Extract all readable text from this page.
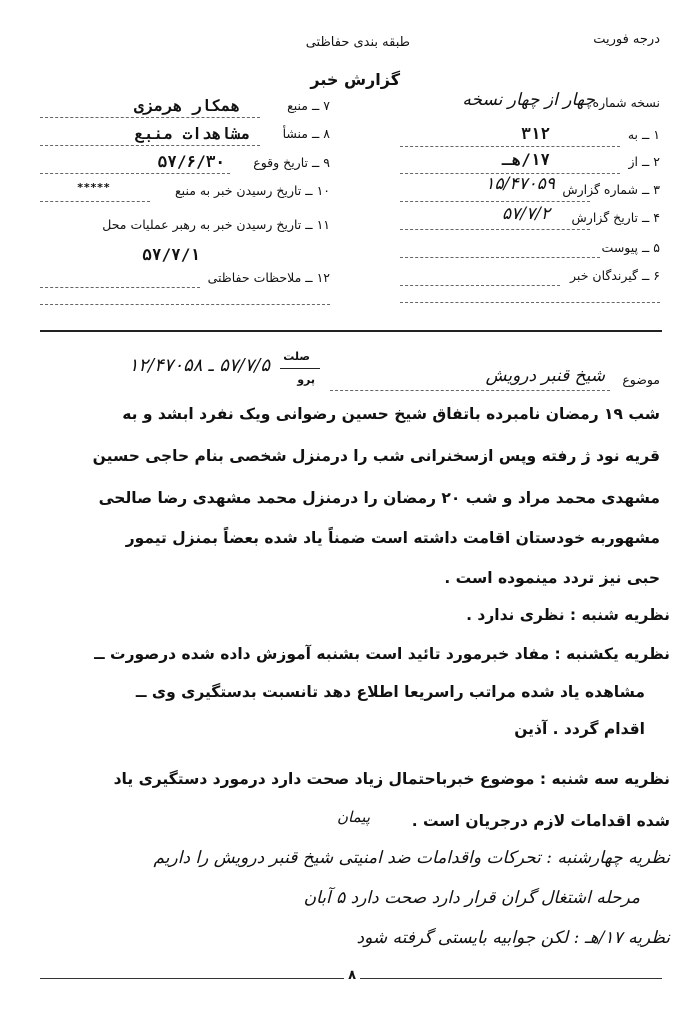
درجه فوریت
طبقه بندی حفاظتی
گزارش خبر
نسخه شماره
چهار از چهار نسخه
۱ ــ به
۳۱۲
۲ ــ از
۱۷/هـ
۳ ــ شماره گزارش
۱۵/۴۷۰۵۹
۴ ــ تاریخ گزارش
۵۷/۷/۲
۵ ــ پیوست
۶ ــ گیرندگان خبر
۷ ــ منبع
همکار هرمزی
۸ ــ منشأ
مشاهدات منبع
۹ ــ تاریخ وقوع
۵۷/۶/۳۰
۱۰ ــ تاریخ رسیدن خبر به منبع
*****
۱۱ ــ تاریخ رسیدن خبر به رهبر عملیات محل
۵۷/۷/۱
۱۲ ــ ملاحظات حفاظتی
موضوع
شیخ قنبر درویش
صلت
پرو
۵۷/۷/۵ ـ ۱۲/۴۷۰۵۸
شب ۱۹ رمضان نامبرده باتفاق شیخ حسین رضوانی ویک نفرد ابشد و به
قریه نود ژ رفته وپس ازسخنرانی شب را درمنزل شخصی بنام حاجی حسین
مشهدی محمد مراد و شب ۲۰ رمضان را درمنزل محمد مشهدی رضا صالحی
مشهوربه خودستان اقامت داشته است ضمناً یاد شده بعضاً بمنزل تیمور
حبی نیز تردد مینموده است .
نظریه شنبه : نظری ندارد .
نظریه یکشنبه : مفاد خبرمورد تائید است بشنبه آموزش داده شده درصورت ــ
مشاهده یاد شده مراتب راسریعا اطلاع دهد تانسبت بدستگیری وی ــ
اقدام گردد . آذین
نظریه سه شنبه : موضوع خبرباحتمال زیاد صحت دارد درمورد دستگیری یاد
شده اقدامات لازم درجریان است .
پیمان
نظریه چهارشنبه : تحرکات واقدامات ضد امنیتی شیخ قنبر درویش را داریم
مرحله اشتغال گران قرار دارد صحت دارد ۵ آبان
نظریه ۱۷/هـ : لکن جوابیه بایستی گرفته شود
۸
